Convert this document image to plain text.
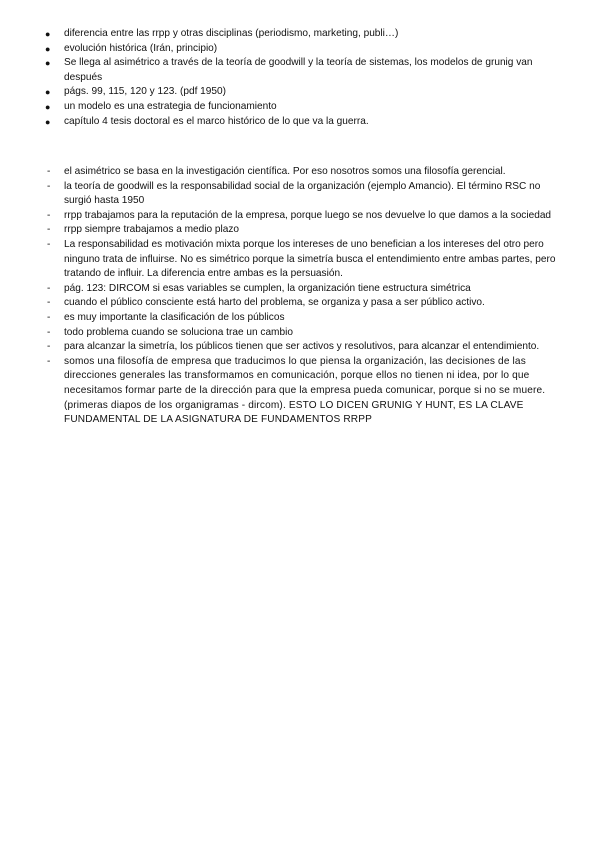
●	diferencia entre las rrpp y otras disciplinas (periodismo, marketing, publi…)
●	evolución histórica (Irán, principio)
●	Se llega al asimétrico a través de la teoría de goodwill y la teoría de sistemas, los modelos de grunig van después
●	págs. 99, 115, 120 y 123. (pdf 1950)
●	un modelo es una estrategia de funcionamiento
●	capítulo 4 tesis doctoral es el marco histórico de lo que va la guerra.
-	el asimétrico se basa en la investigación científica. Por eso nosotros somos una filosofía gerencial.
-	la teoría de goodwill es la responsabilidad social de la organización (ejemplo Amancio). El término RSC no surgió hasta 1950
-	rrpp trabajamos para la reputación de la empresa, porque luego se nos devuelve lo que damos a la sociedad
-	rrpp siempre trabajamos a medio plazo
-	La responsabilidad es motivación mixta porque los intereses de uno benefician a los intereses del otro pero ninguno trata de influirse. No es simétrico porque la simetría busca el entendimiento entre ambas partes, pero tratando de influir. La diferencia entre ambas es la persuasión.
-	pág. 123: DIRCOM si esas variables se cumplen, la organización tiene estructura simétrica
-	cuando el público consciente está harto del problema, se organiza y pasa a ser público activo.
-	es muy importante la clasificación de los públicos
-	todo problema cuando se soluciona trae un cambio
-	para alcanzar la simetría, los públicos tienen que ser activos y resolutivos, para alcanzar el entendimiento.
-	somos una filosofía de empresa que traducimos lo que piensa la organización, las decisiones de las direcciones generales las transformamos en comunicación, porque ellos no tienen ni idea, por lo que necesitamos formar parte de la dirección para que la empresa pueda comunicar, porque si no se muere. (primeras diapos de los organigramas - dircom). ESTO LO DICEN GRUNIG Y HUNT, ES LA CLAVE FUNDAMENTAL DE LA ASIGNATURA DE FUNDAMENTOS RRPP
